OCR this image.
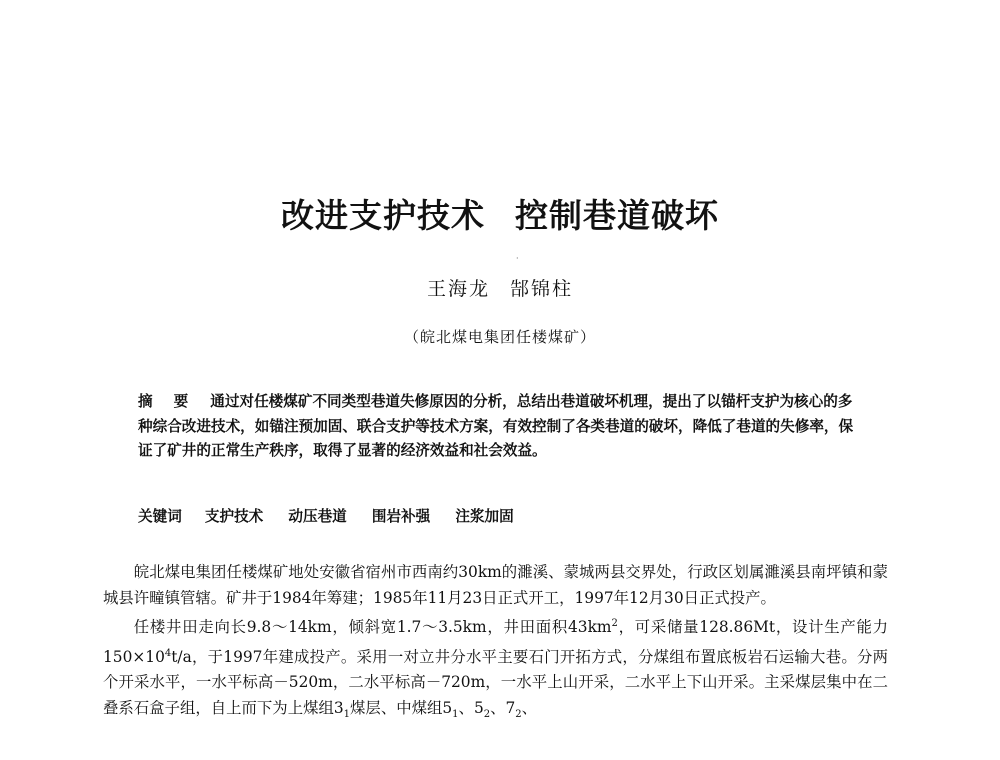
改进支护技术 控制巷道破坏
·
王海龙 郜锦柱
（皖北煤电集团任楼煤矿）
摘 要 通过对任楼煤矿不同类型巷道失修原因的分析，总结出巷道破坏机理，提出了以锚杆支护为核心的多种综合改进技术，如锚注预加固、联合支护等技术方案，有效控制了各类巷道的破坏，降低了巷道的失修率，保证了矿井的正常生产秩序，取得了显著的经济效益和社会效益。
关键词 支护技术 动压巷道 围岩补强 注浆加固

皖北煤电集团任楼煤矿地处安徽省宿州市西南约30km的濉溪、蒙城两县交界处，行政区划属濉溪县南坪镇和蒙城县许疃镇管辖。矿井于1984年筹建；1985年11月23日正式开工，1997年12月30日正式投产。

任楼井田走向长9.8～14km，倾斜宽1.7～3.5km，井田面积$43km^2$，可采储量128.86Mt，设计生产能力$150\times 10^4t/a$，于1997年建成投产。采用一对立井分水平主要石门开拓方式，分煤组布置底板岩石运输大巷。分两个开采水平，一水平标高－520m，二水平标高－720m，一水平上山开采，二水平上下山开采。主采煤层集中在二叠系石盒子组，自上而下为上煤组$3_1$煤层、中煤组$5_1$、$5_2$、$7_2$、
